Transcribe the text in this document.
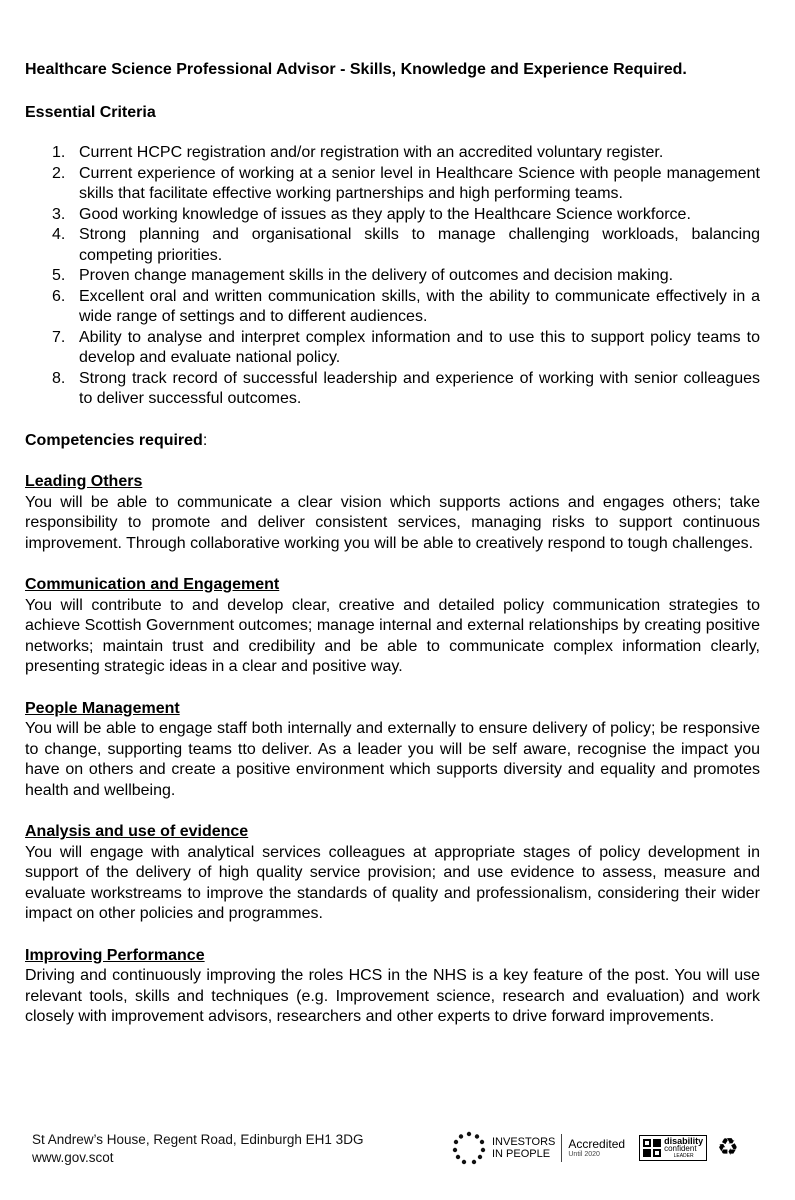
Healthcare Science Professional Advisor - Skills, Knowledge and Experience Required.
Essential Criteria
1. Current HCPC registration and/or registration with an accredited voluntary register.
2. Current experience of working at a senior level in Healthcare Science with people management skills that facilitate effective working partnerships and high performing teams.
3. Good working knowledge of issues as they apply to the Healthcare Science workforce.
4. Strong planning and organisational skills to manage challenging workloads, balancing competing priorities.
5. Proven change management skills in the delivery of outcomes and decision making.
6. Excellent oral and written communication skills, with the ability to communicate effectively in a wide range of settings and to different audiences.
7. Ability to analyse and interpret complex information and to use this to support policy teams to develop and evaluate national policy.
8. Strong track record of successful leadership and experience of working with senior colleagues to deliver successful outcomes.
Competencies required:
Leading Others

You will be able to communicate a clear vision which supports actions and engages others; take responsibility to promote and deliver consistent services, managing risks to support continuous improvement. Through collaborative working you will be able to creatively respond to tough challenges.

Communication and Engagement

You will contribute to and develop clear, creative and detailed policy communication strategies to achieve Scottish Government outcomes; manage internal and external relationships by creating positive networks; maintain trust and credibility and be able to communicate complex information clearly, presenting strategic ideas in a clear and positive way.

People Management

You will be able to engage staff both internally and externally to ensure delivery of policy; be responsive to change, supporting teams tto deliver. As a leader you will be self aware, recognise the impact you have on others and create a positive environment which supports diversity and equality and promotes health and wellbeing.

Analysis and use of evidence

You will engage with analytical services colleagues at appropriate stages of policy development in support of the delivery of high quality service provision; and use evidence to assess, measure and evaluate workstreams to improve the standards of quality and professionalism, considering their wider impact on other policies and programmes.

Improving Performance

Driving and continuously improving the roles HCS in the NHS is a key feature of the post. You will use relevant tools, skills and techniques (e.g. Improvement science, research and evaluation) and work closely with improvement advisors, researchers and other experts to drive forward improvements.

St Andrew’s House, Regent Road, Edinburgh EH1 3DG
www.gov.scot
INVESTORS
IN PEOPLE
Accredited
Until 2020
disability
confident
LEADER ♻
